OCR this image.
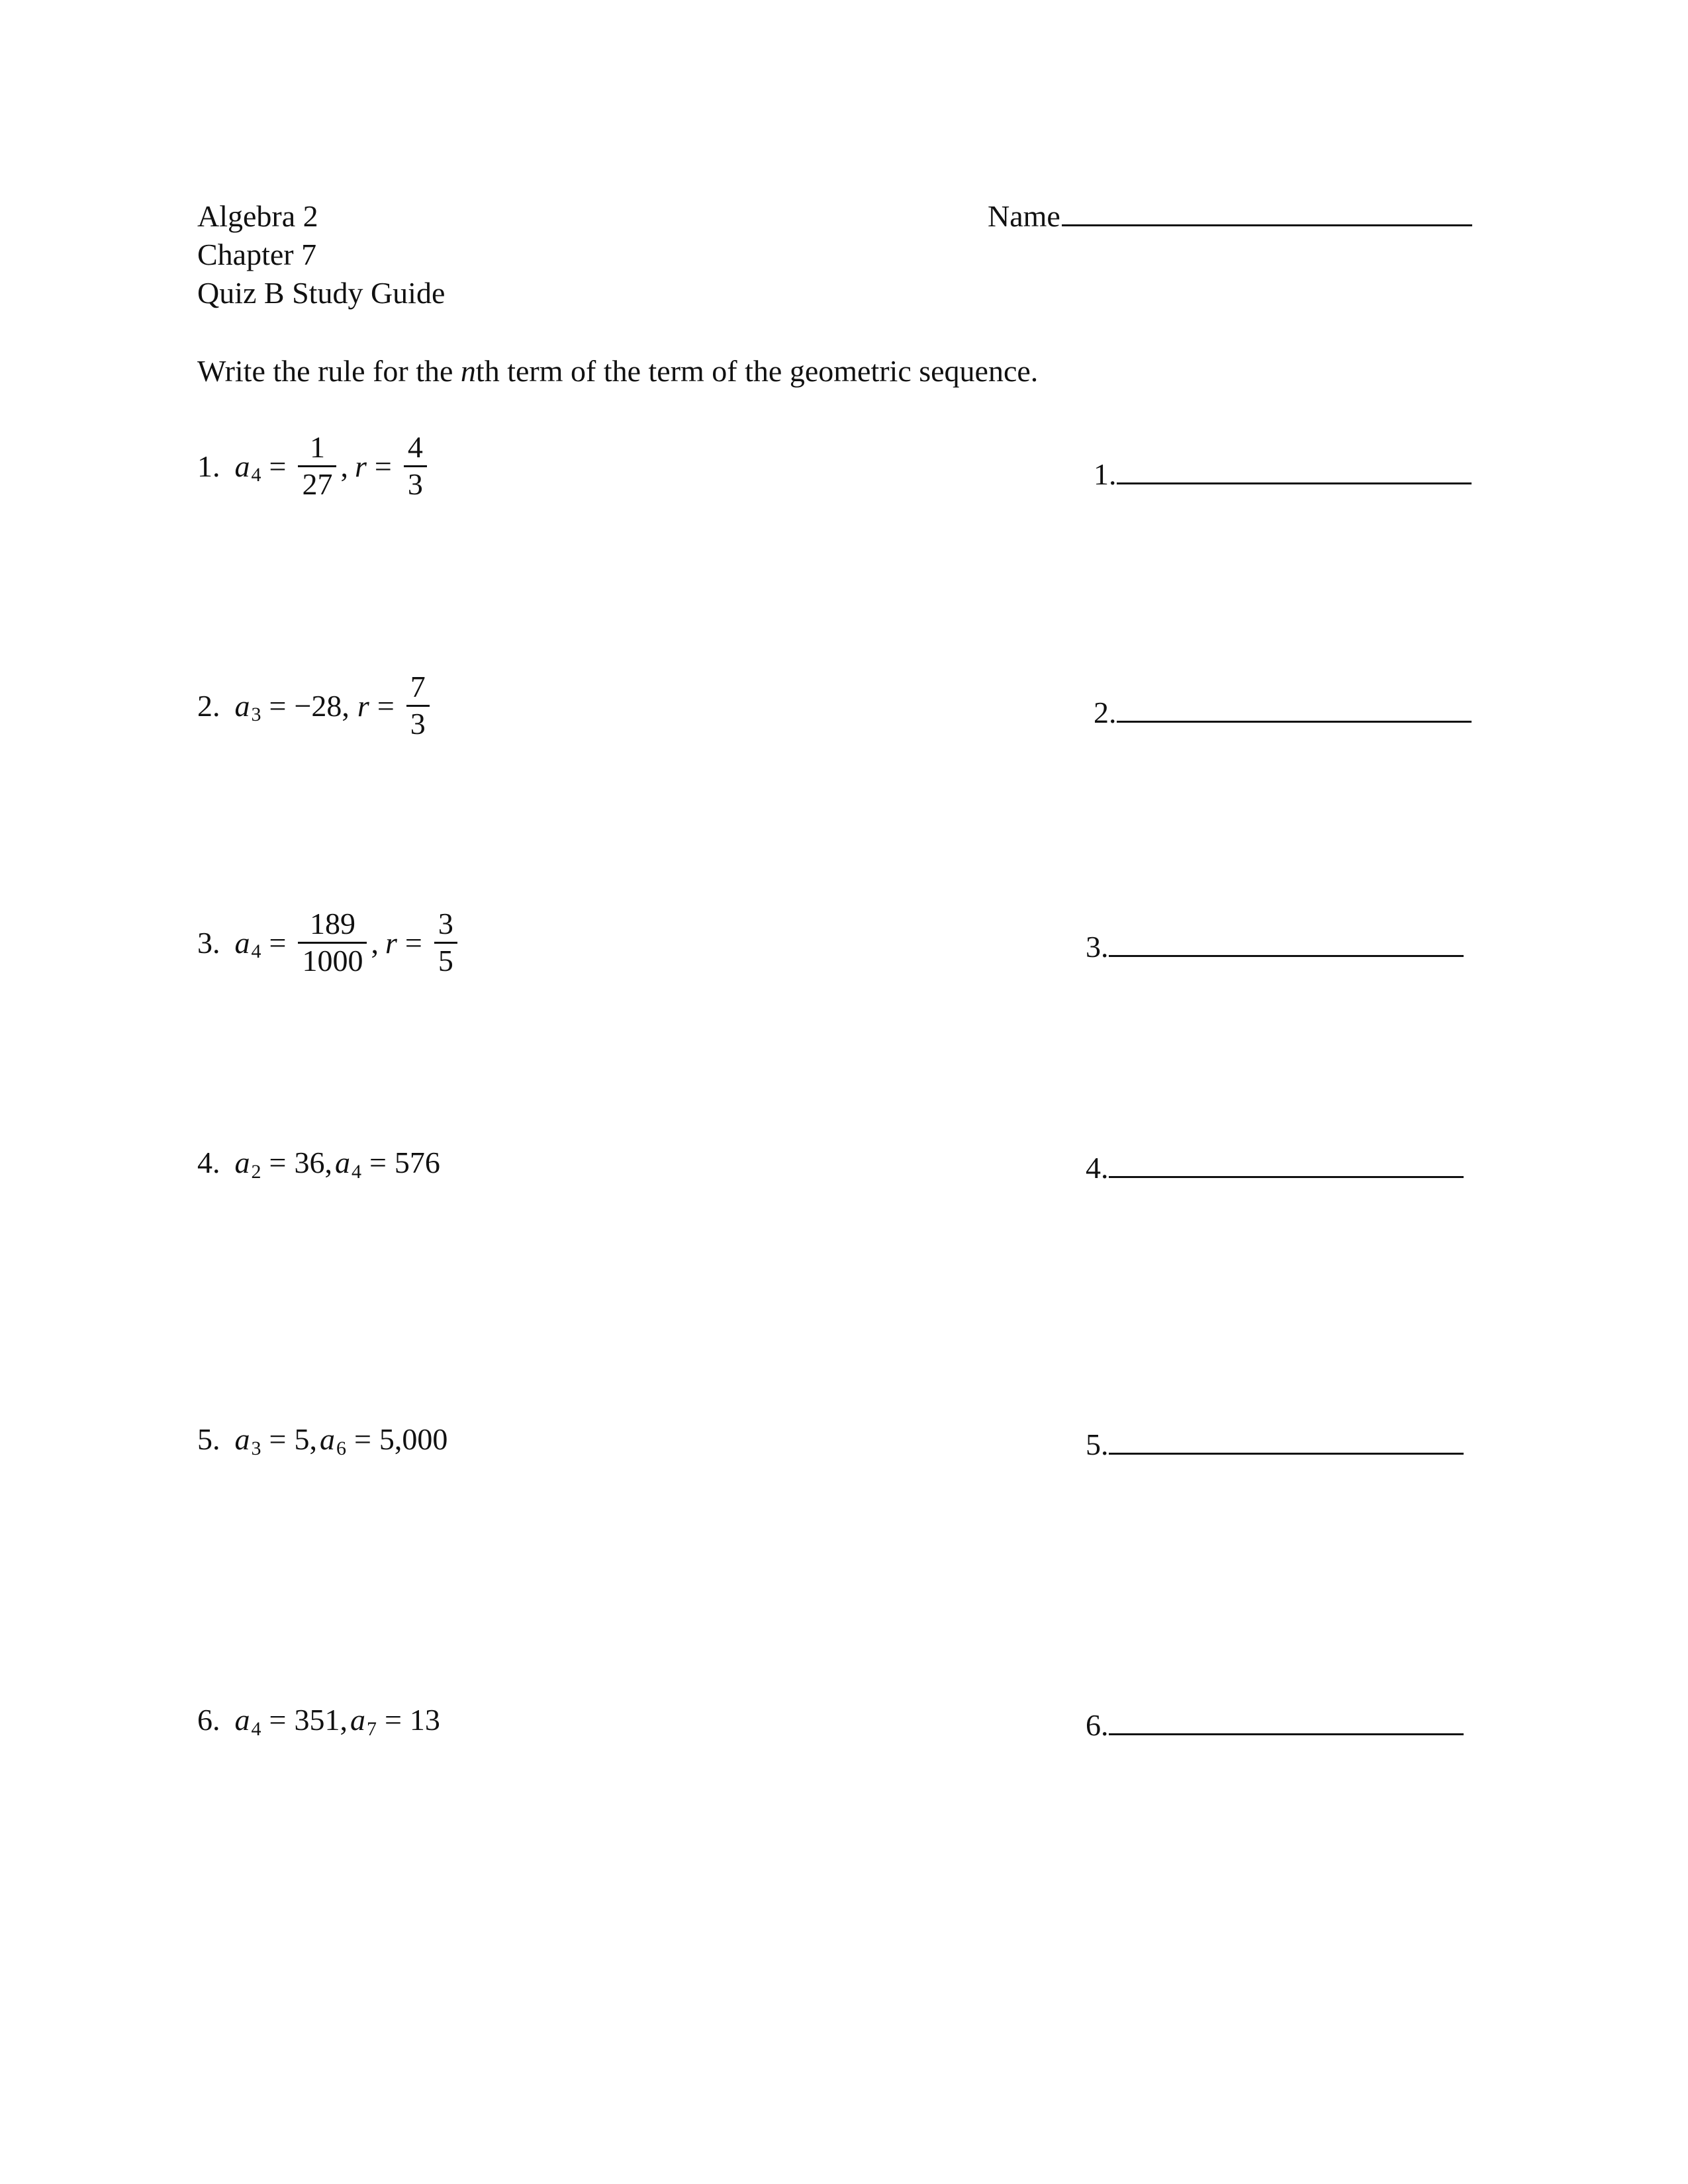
Algebra 2
Chapter 7
Quiz B Study Guide
Name
Write the rule for the nth term of the term of the geometric sequence.
1. a $4 = \frac{1}{27}$ , $r = \frac{4}{3}$	1.
2. a 3 = −28, $r = \frac{7}{3}$	2.
3. a $4 = \frac{189}{1000}$ , $r = \frac{3}{5}$	3.
4. a 2 = 36, a 4 = 576	4.
5. a 3 = 5, a 6 = 5,000	5.
6. a 4 = 351, a 7 = 13	6.
